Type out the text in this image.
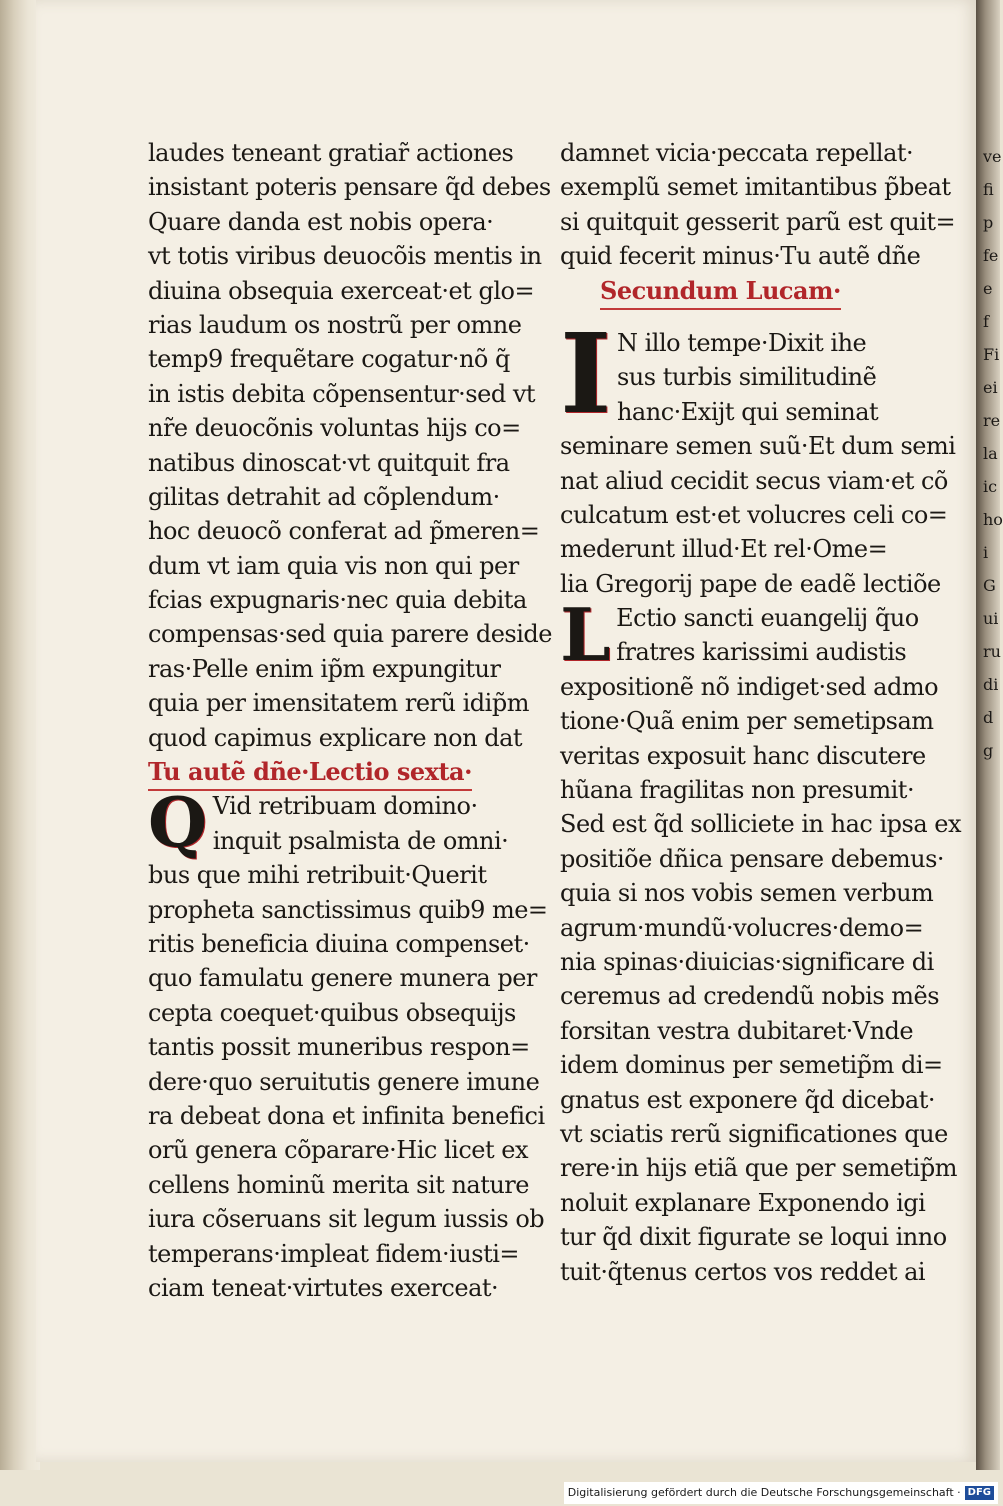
ve
fi
p
fe
e
f
Fi
ei
re
la
ic
ho
i
G
ui
ru
di
d
g
laudes teneant gratiar̃ actiones
insistant poteris pensare q̃d debes
Quare danda est nobis opera·
vt totis viribus deuocõis mentis in
diuina obsequia exerceat·et glo=
rias laudum os nostrũ per omne
temp9 frequẽtare cogatur·nõ q̃
in istis debita cõpensentur·sed vt
nr̃e deuocõnis voluntas hijs co=
natibus dinoscat·vt quitquit fra
gilitas detrahit ad cõplendum·
hoc deuocõ conferat ad p̃meren=
dum vt iam quia vis non qui per
fcias expugnaris·nec quia debita
compensas·sed quia parere deside
ras·Pelle enim ip̃m expungitur
quia per imensitatem rerũ idip̃m
quod capimus explicare non dat
Tu autẽ dñe·Lectio sexta·
Q Vid retribuam domino·
inquit psalmista de omni·
bus que mihi retribuit·Querit
propheta sanctissimus quib9 me=
ritis beneficia diuina compenset·
quo famulatu genere munera per
cepta coequet·quibus obsequijs
tantis possit muneribus respon=
dere·quo seruitutis genere imune
ra debeat dona et infinita benefici
orũ genera cõparare·Hic licet ex
cellens hominũ merita sit nature
iura cõseruans sit legum iussis ob
temperans·impleat fidem·iusti=
ciam teneat·virtutes exerceat·
damnet vicia·peccata repellat·
exemplũ semet imitantibus p̃beat
si quitquit gesserit parũ est quit=
quid fecerit minus·Tu autẽ dñe
Secundum Lucam·
I N illo tempe·Dixit ihe
sus turbis similitudinẽ
hanc·Exijt qui seminat
seminare semen suũ·Et dum semi
nat aliud cecidit secus viam·et cõ
culcatum est·et volucres celi co=
mederunt illud·Et rel·Ome=
lia Gregorij pape de eadẽ lectiõe
L Ectio sancti euangelij q̃uo
fratres karissimi audistis
expositionẽ nõ indiget·sed admo
tione·Quã enim per semetipsam
veritas exposuit hanc discutere
hũana fragilitas non presumit·
Sed est q̃d solliciete in hac ipsa ex
positiõe dñica pensare debemus·
quia si nos vobis semen verbum
agrum·mundũ·volucres·demo=
nia spinas·diuicias·significare di
ceremus ad credendũ nobis mẽs
forsitan vestra dubitaret·Vnde
idem dominus per semetip̃m di=
gnatus est exponere q̃d dicebat·
vt sciatis rerũ significationes que
rere·in hijs etiã que per semetip̃m
noluit explanare Exponendo igi
tur q̃d dixit figurate se loqui inno
tuit·q̃tenus certos vos reddet ai
Digitalisierung gefördert durch die Deutsche Forschungsgemeinschaft · DFG
